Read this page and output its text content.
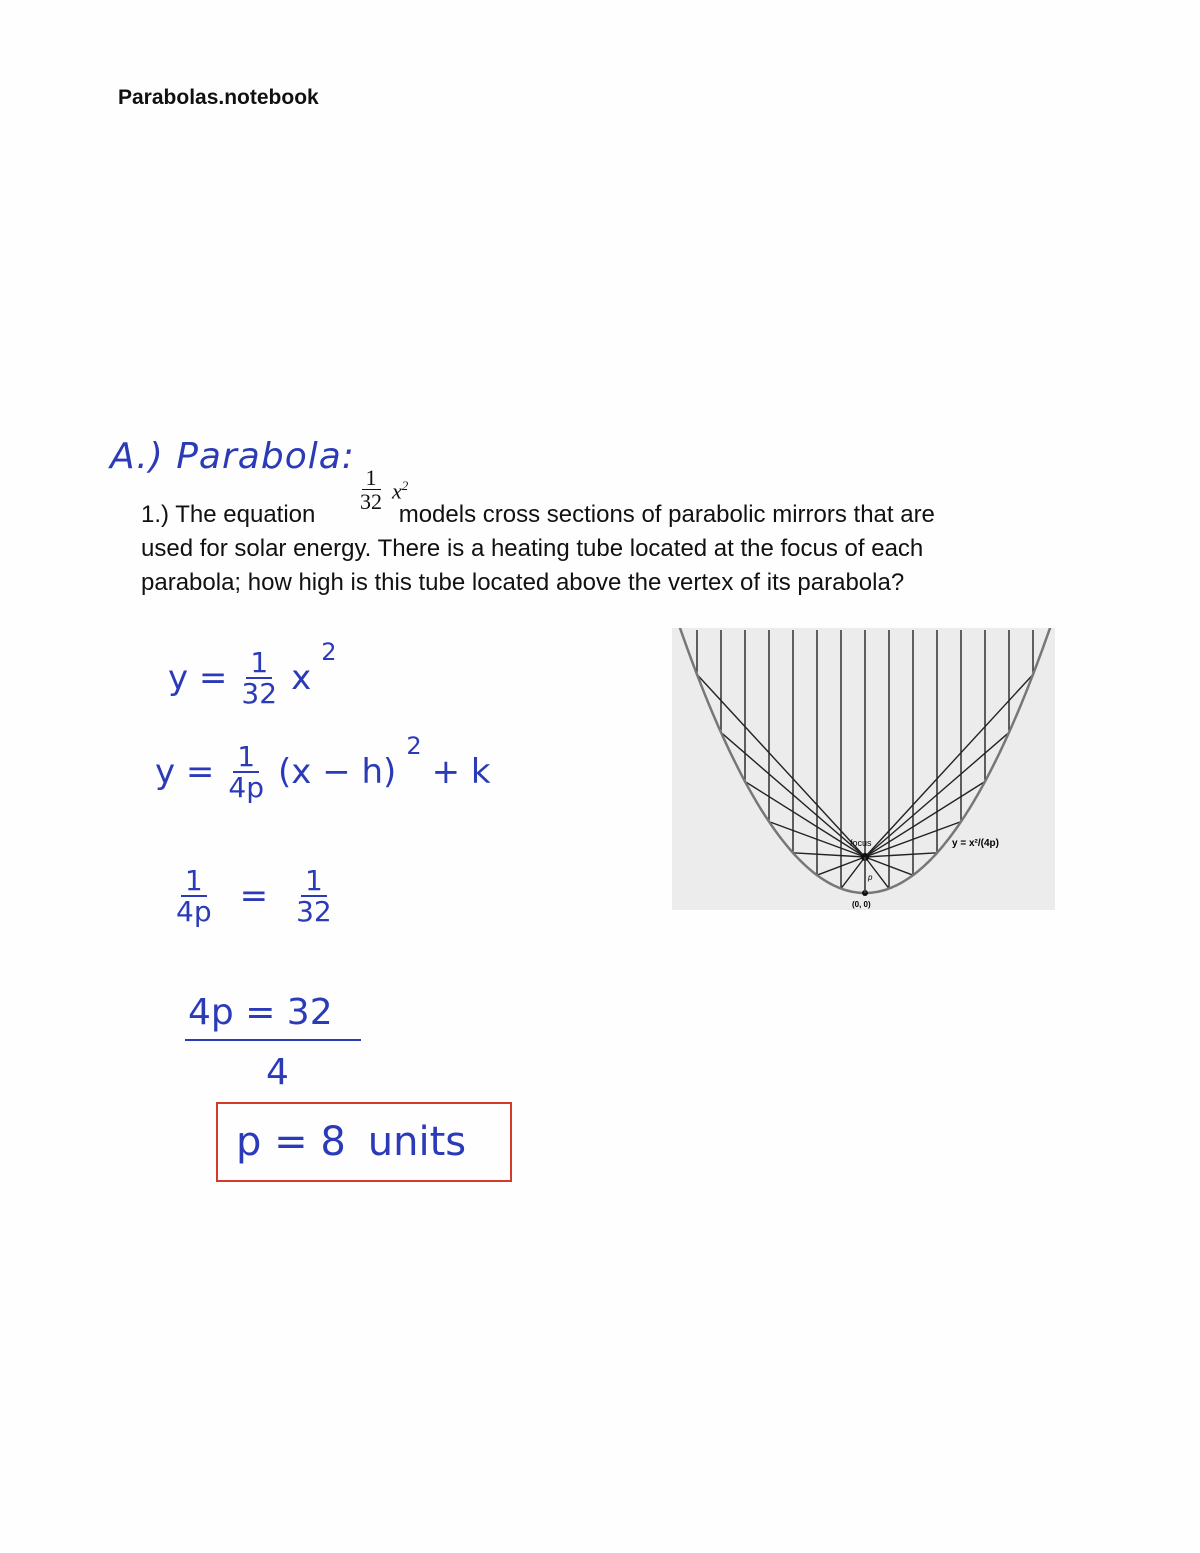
Parabolas.notebook
A.) Parabola:
$\frac{1}{32} x^2$
1.) The equation	models cross sections of parabolic mirrors that are
used for solar energy. There is a heating tube located at the focus of each
parabola; how high is this tube located above the vertex of its parabola?
$y = \frac{1}{32}$ x
2
$y = \frac{1}{4p} (x - h)$
2
+ k
$\frac{1}{4p} = \frac{1}{32}$
4p = 32
4
p = 8 units
focus
p
(0, 0)
y = x²/(4p)
